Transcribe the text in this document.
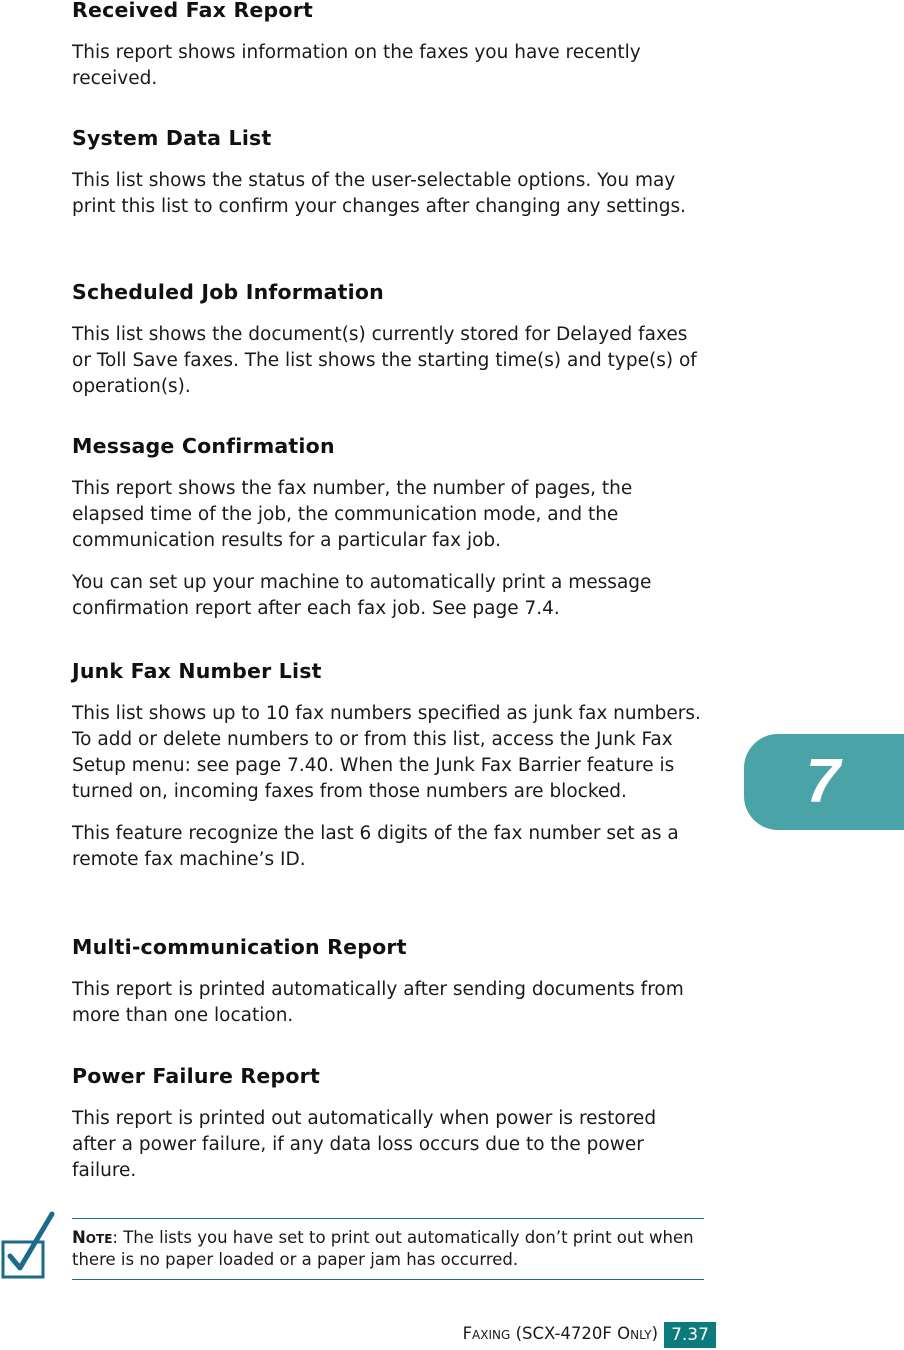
Received Fax Report

This report shows information on the faxes you have recently received.

System Data List

This list shows the status of the user-selectable options. You may print this list to confirm your changes after changing any settings.

Scheduled Job Information

This list shows the document(s) currently stored for Delayed faxes or Toll Save faxes. The list shows the starting time(s) and type(s) of operation(s).

Message Confirmation

This report shows the fax number, the number of pages, the elapsed time of the job, the communication mode, and the communication results for a particular fax job.

You can set up your machine to automatically print a message confirmation report after each fax job. See page 7.4.

Junk Fax Number List

This list shows up to 10 fax numbers specified as junk fax numbers. To add or delete numbers to or from this list, access the Junk Fax Setup menu: see page 7.40. When the Junk Fax Barrier feature is turned on, incoming faxes from those numbers are blocked.

This feature recognize the last 6 digits of the fax number set as a remote fax machine’s ID.

Multi-communication Report

This report is printed automatically after sending documents from more than one location.

Power Failure Report

This report is printed out automatically when power is restored after a power failure, if any data loss occurs due to the power failure.

Note: The lists you have set to print out automatically don’t print out when there is no paper loaded or a paper jam has occurred.

7
Faxing (SCX-4720F Only) 7.37
